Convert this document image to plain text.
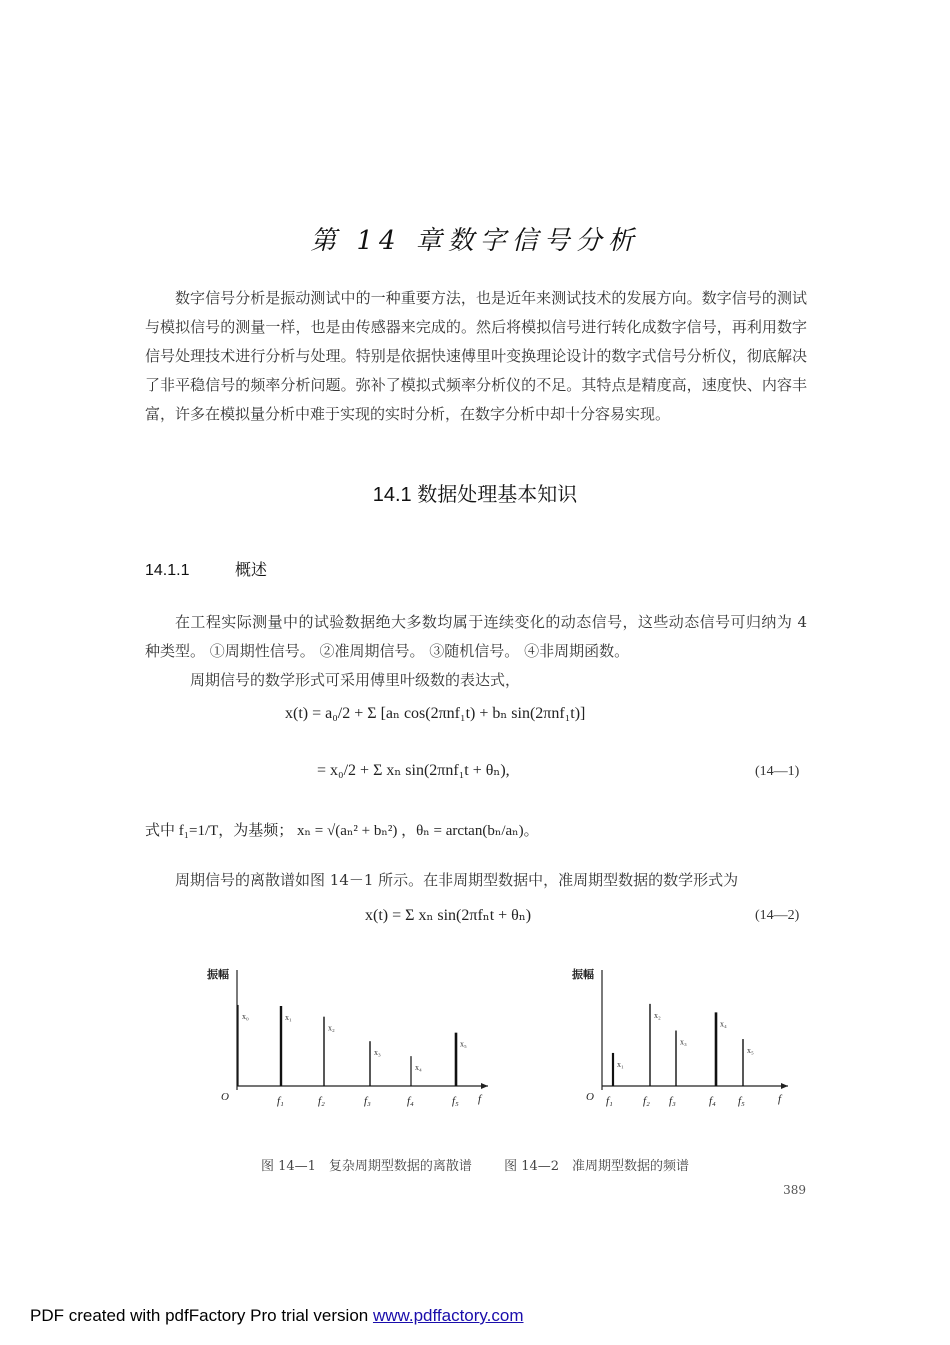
第 14 章数字信号分析

数字信号分析是振动测试中的一种重要方法，也是近年来测试技术的发展方向。数字信号的测试与模拟信号的测量一样，也是由传感器来完成的。然后将模拟信号进行转化成数字信号，再利用数字信号处理技术进行分析与处理。特别是依据快速傅里叶变换理论设计的数字式信号分析仪，彻底解决了非平稳信号的频率分析问题。弥补了模拟式频率分析仪的不足。其特点是精度高，速度快、内容丰富，许多在模拟量分析中难于实现的实时分析，在数字分析中却十分容易实现。

14.1 数据处理基本知识
14.1.1	概述

在工程实际测量中的试验数据绝大多数均属于连续变化的动态信号，这些动态信号可归纳为 4 种类型。 ①周期性信号。 ②准周期信号。 ③随机信号。 ④非周期函数。

周期信号的数学形式可采用傅里叶级数的表达式，

x(t) = a₀/2 + Σ [aₙ cos(2πnf₁t) + bₙ sin(2πnf₁t)]
= x₀/2 + Σ xₙ sin(2πnf₁t + θₙ),	(14—1)
式中 f₁=1/T，为基频； xₙ = √(aₙ² + bₙ²) ，θₙ = arctan(bₙ/aₙ)。

周期信号的离散谱如图 14－1 所示。在非周期型数据中，准周期型数据的数学形式为

x(t) = Σ xₙ sin(2πfₙt + θₙ)	(14—2)
振幅
O	f
x₀	x₁
x₂
x₃
x₄
x₅
f₁	f₂	f₃	f₄	f₅
振幅
O	f
x₁
x₂
x₃
x₄
x₅
f₁	f₂ f₃	f₄ f₅
图 14—1　复杂周期型数据的离散谱 图 14—2　准周期型数据的频谱
389
PDF created with pdfFactory Pro trial version www.pdffactory.com
